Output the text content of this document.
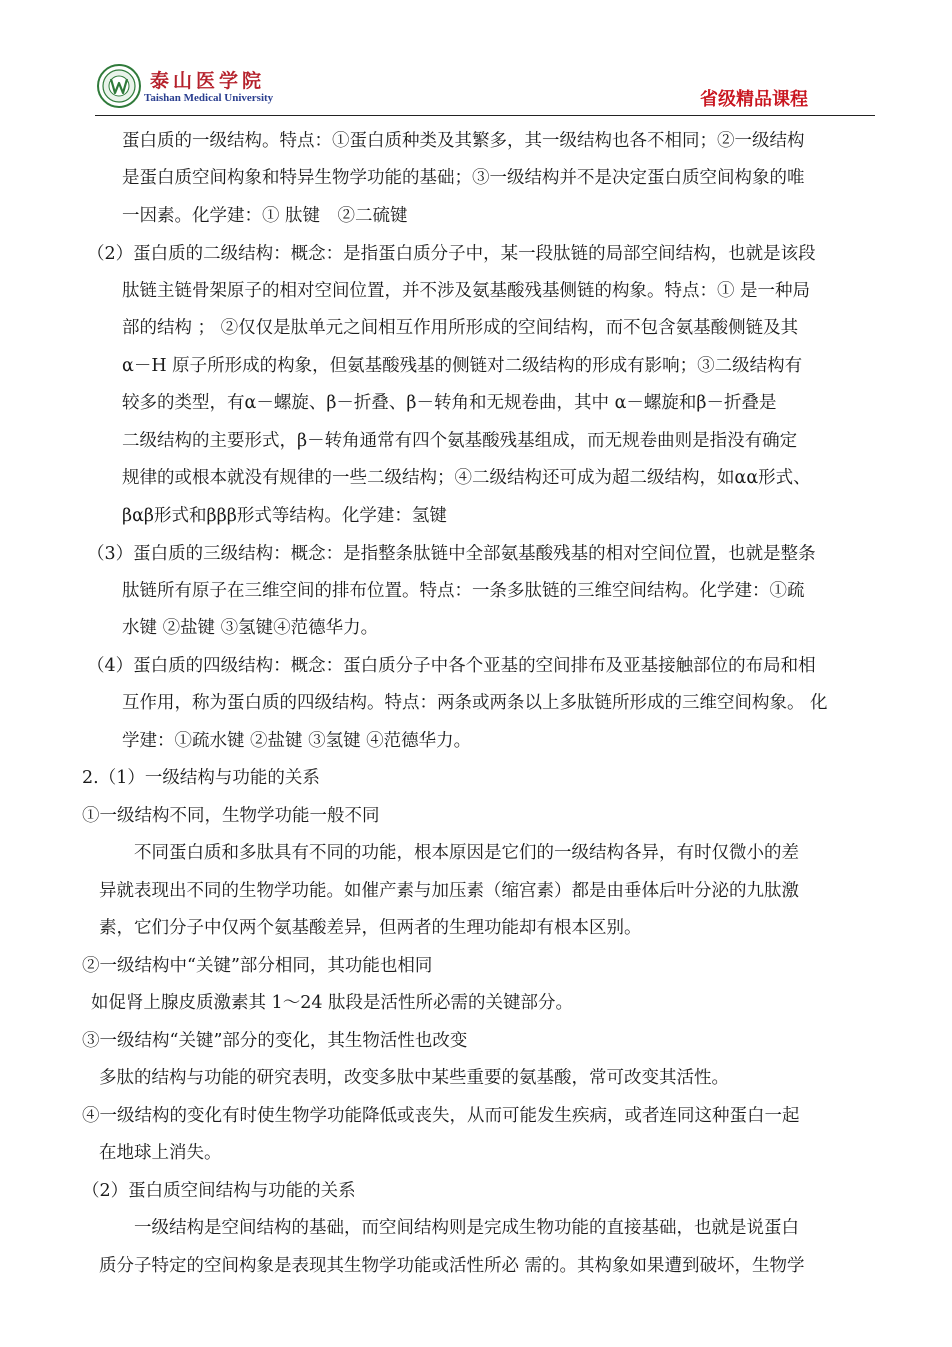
泰山医学院
Taishan Medical University	省级精品课程
蛋白质的一级结构。特点：①蛋白质种类及其繁多，其一级结构也各不相同；②一级结构
是蛋白质空间构象和特异生物学功能的基础；③一级结构并不是决定蛋白质空间构象的唯
一因素。化学建：① 肽键　②二硫键
（2）蛋白质的二级结构：概念：是指蛋白质分子中，某一段肽链的局部空间结构，也就是该段
肽链主链骨架原子的相对空间位置，并不涉及氨基酸残基侧链的构象。特点：① 是一种局
部的结构 ； ②仅仅是肽单元之间相互作用所形成的空间结构，而不包含氨基酸侧链及其
α－H 原子所形成的构象，但氨基酸残基的侧链对二级结构的形成有影响；③二级结构有
较多的类型，有α－螺旋、β－折叠、β－转角和无规卷曲，其中 α－螺旋和β－折叠是
二级结构的主要形式，β－转角通常有四个氨基酸残基组成，而无规卷曲则是指没有确定
规律的或根本就没有规律的一些二级结构；④二级结构还可成为超二级结构，如αα形式、
βαβ形式和βββ形式等结构。化学建：氢键
（3）蛋白质的三级结构：概念：是指整条肽链中全部氨基酸残基的相对空间位置，也就是整条
肽链所有原子在三维空间的排布位置。特点：一条多肽链的三维空间结构。化学建：①疏
水键 ②盐键 ③氢键④范德华力。
（4）蛋白质的四级结构：概念：蛋白质分子中各个亚基的空间排布及亚基接触部位的布局和相
互作用，称为蛋白质的四级结构。特点：两条或两条以上多肽链所形成的三维空间构象。 化
学建：①疏水键 ②盐键 ③氢键 ④范德华力。
2.（1）一级结构与功能的关系
①一级结构不同，生物学功能一般不同
不同蛋白质和多肽具有不同的功能，根本原因是它们的一级结构各异，有时仅微小的差
异就表现出不同的生物学功能。如催产素与加压素（缩宫素）都是由垂体后叶分泌的九肽激
素，它们分子中仅两个氨基酸差异，但两者的生理功能却有根本区别。
②一级结构中“关键”部分相同，其功能也相同
如促肾上腺皮质激素其 1～24 肽段是活性所必需的关键部分。
③一级结构“关键”部分的变化，其生物活性也改变
多肽的结构与功能的研究表明，改变多肽中某些重要的氨基酸，常可改变其活性。
④一级结构的变化有时使生物学功能降低或丧失，从而可能发生疾病，或者连同这种蛋白一起
在地球上消失。
（2）蛋白质空间结构与功能的关系
一级结构是空间结构的基础，而空间结构则是完成生物功能的直接基础，也就是说蛋白
质分子特定的空间构象是表现其生物学功能或活性所必 需的。其构象如果遭到破坏，生物学
